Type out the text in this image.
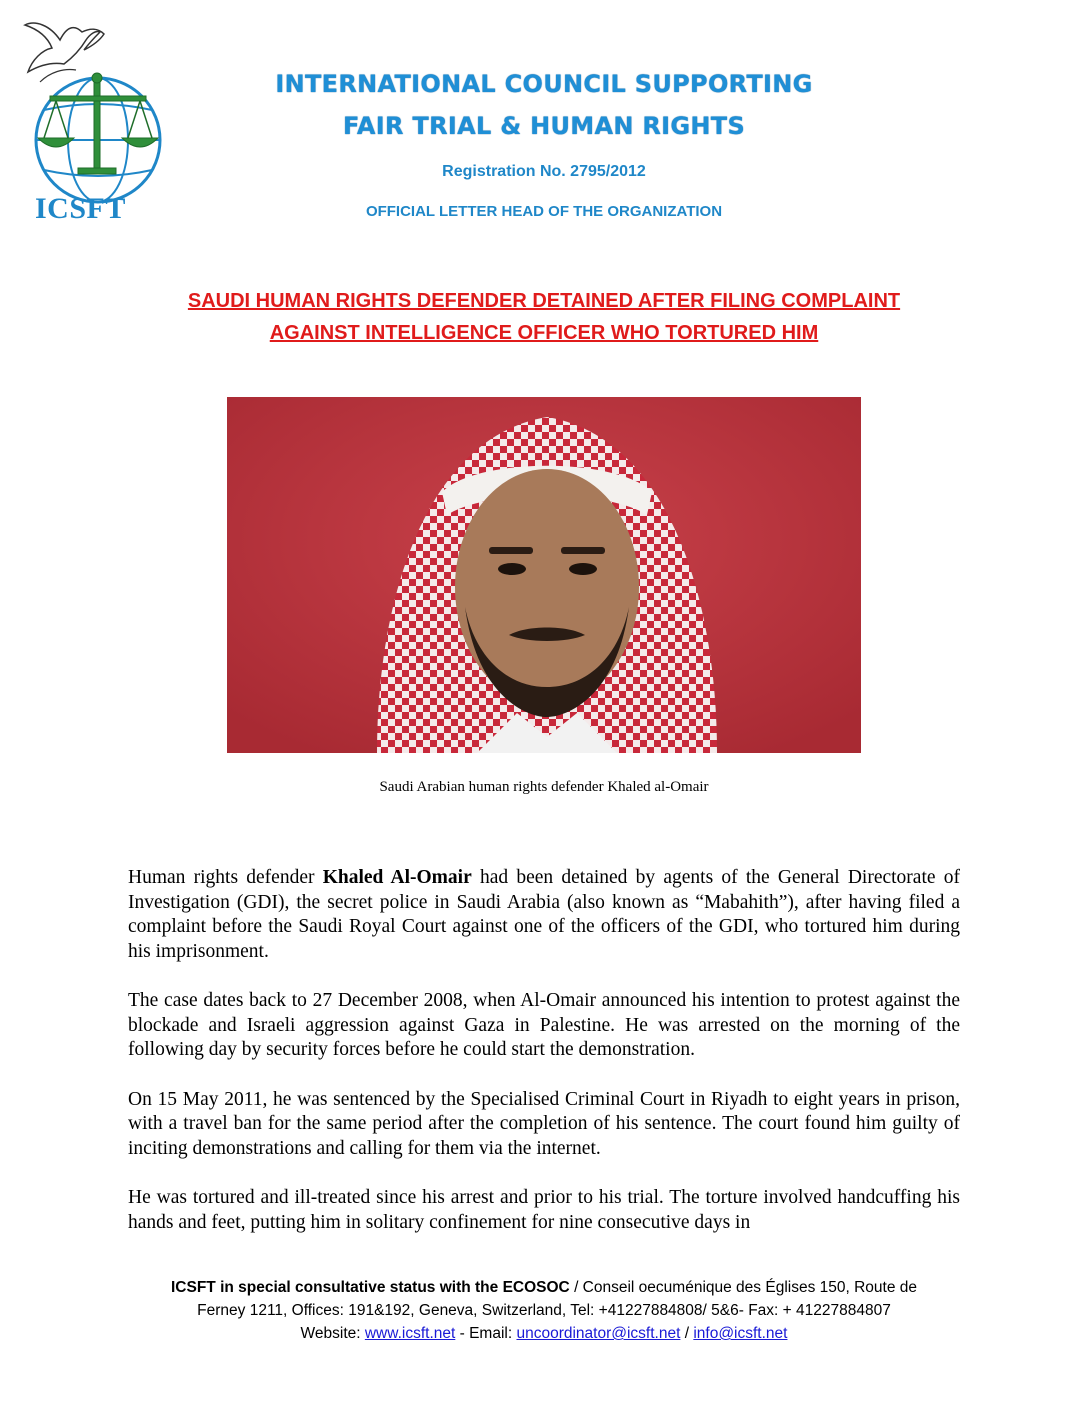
ICSFT
INTERNATIONAL COUNCIL SUPPORTING
FAIR TRIAL & HUMAN RIGHTS
Registration No. 2795/2012
OFFICIAL LETTER HEAD OF THE ORGANIZATION
SAUDI HUMAN RIGHTS DEFENDER DETAINED AFTER FILING COMPLAINT
AGAINST INTELLIGENCE OFFICER WHO TORTURED HIM
Saudi Arabian human rights defender Khaled al-Omair

Human rights defender Khaled Al-Omair had been detained by agents of the General Directorate of Investigation (GDI), the secret police in Saudi Arabia (also known as “Mabahith”), after having filed a complaint before the Saudi Royal Court against one of the officers of the GDI, who tortured him during his imprisonment.

The case dates back to 27 December 2008, when Al-Omair announced his intention to protest against the blockade and Israeli aggression against Gaza in Palestine. He was arrested on the morning of the following day by security forces before he could start the demonstration.

On 15 May 2011, he was sentenced by the Specialised Criminal Court in Riyadh to eight years in prison, with a travel ban for the same period after the completion of his sentence. The court found him guilty of inciting demonstrations and calling for them via the internet.

He was tortured and ill-treated since his arrest and prior to his trial. The torture involved handcuffing his hands and feet, putting him in solitary confinement for nine consecutive days in

ICSFT in special consultative status with the ECOSOC / Conseil oecuménique des Églises 150, Route de
Ferney 1211, Offices: 191&192, Geneva, Switzerland, Tel: +41227884808/ 5&6- Fax: + 41227884807
Website: www.icsft.net - Email: uncoordinator@icsft.net / info@icsft.net
